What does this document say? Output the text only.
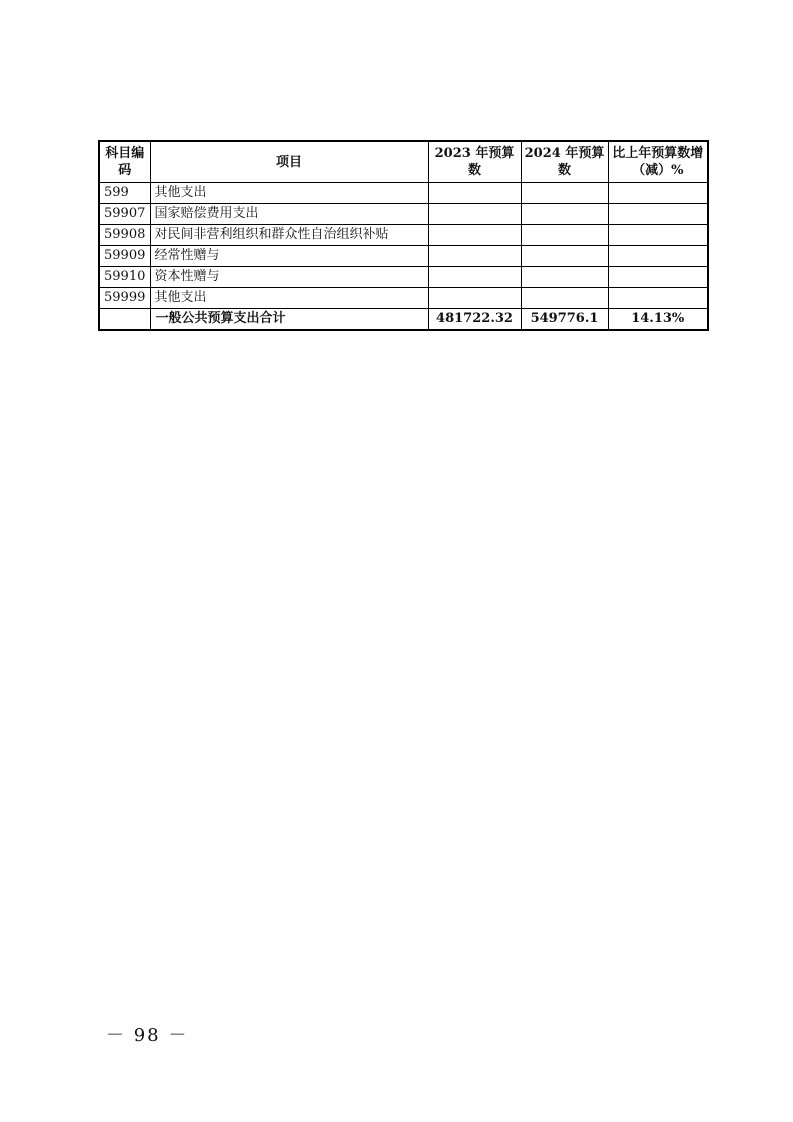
科目编码	项目	2023 年预算数	2024 年预算数	比上年预算数增（减）%
599	其他支出			
59907	国家赔偿费用支出			
59908	对民间非营利组织和群众性自治组织补贴			
59909	经常性赠与			
59910	资本性赠与			
59999	其他支出			
	一般公共预算支出合计	481722.32	549776.1	14.13%
－ 98 －
